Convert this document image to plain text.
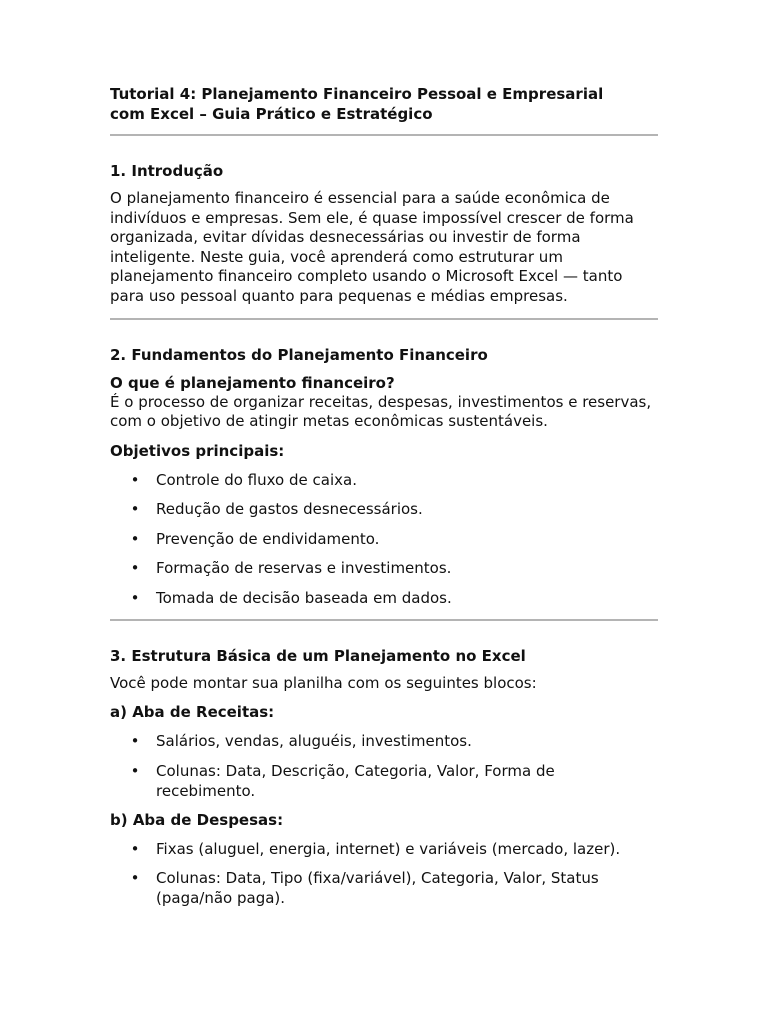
Tutorial 4: Planejamento Financeiro Pessoal e Empresarial
com Excel – Guia Prático e Estratégico

1. Introdução

O planejamento financeiro é essencial para a saúde econômica de indivíduos e empresas. Sem ele, é quase impossível crescer de forma organizada, evitar dívidas desnecessárias ou investir de forma inteligente. Neste guia, você aprenderá como estruturar um planejamento financeiro completo usando o Microsoft Excel — tanto para uso pessoal quanto para pequenas e médias empresas.

2. Fundamentos do Planejamento Financeiro

O que é planejamento financeiro?

É o processo de organizar receitas, despesas, investimentos e reservas, com o objetivo de atingir metas econômicas sustentáveis.

Objetivos principais:

• Controle do fluxo de caixa.
• Redução de gastos desnecessários.
• Prevenção de endividamento.
• Formação de reservas e investimentos.
• Tomada de decisão baseada em dados.
3. Estrutura Básica de um Planejamento no Excel

Você pode montar sua planilha com os seguintes blocos:

a) Aba de Receitas:

• Salários, vendas, aluguéis, investimentos.
• Colunas: Data, Descrição, Categoria, Valor, Forma de recebimento.

b) Aba de Despesas:

• Fixas (aluguel, energia, internet) e variáveis (mercado, lazer).
• Colunas: Data, Tipo (fixa/variável), Categoria, Valor, Status (paga/não paga).
